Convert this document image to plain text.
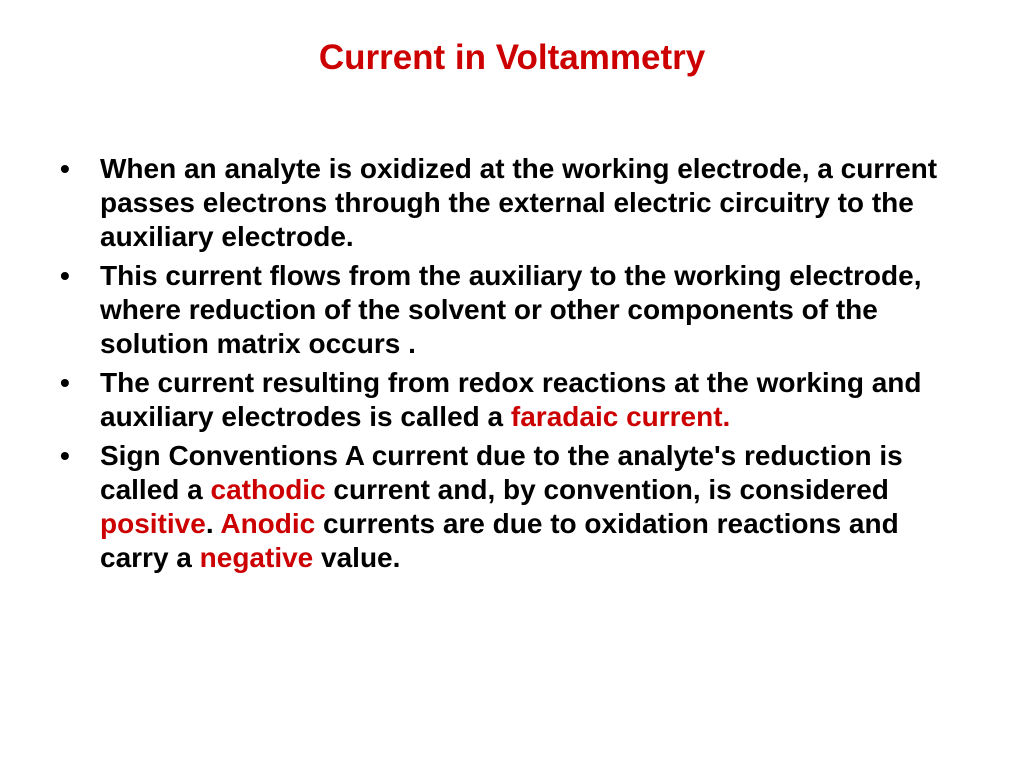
Current in Voltammetry
• When an analyte is oxidized at the working electrode, a current passes electrons through the external electric circuitry to the auxiliary electrode.
• This current flows from the auxiliary to the working electrode, where reduction of the solvent or other components of the solution matrix occurs .
• The current resulting from redox reactions at the working and auxiliary electrodes is called a faradaic current.
• Sign Conventions A current due to the analyte's reduction is called a cathodic current and, by convention, is considered positive. Anodic currents are due to oxidation reactions and carry a negative value.
